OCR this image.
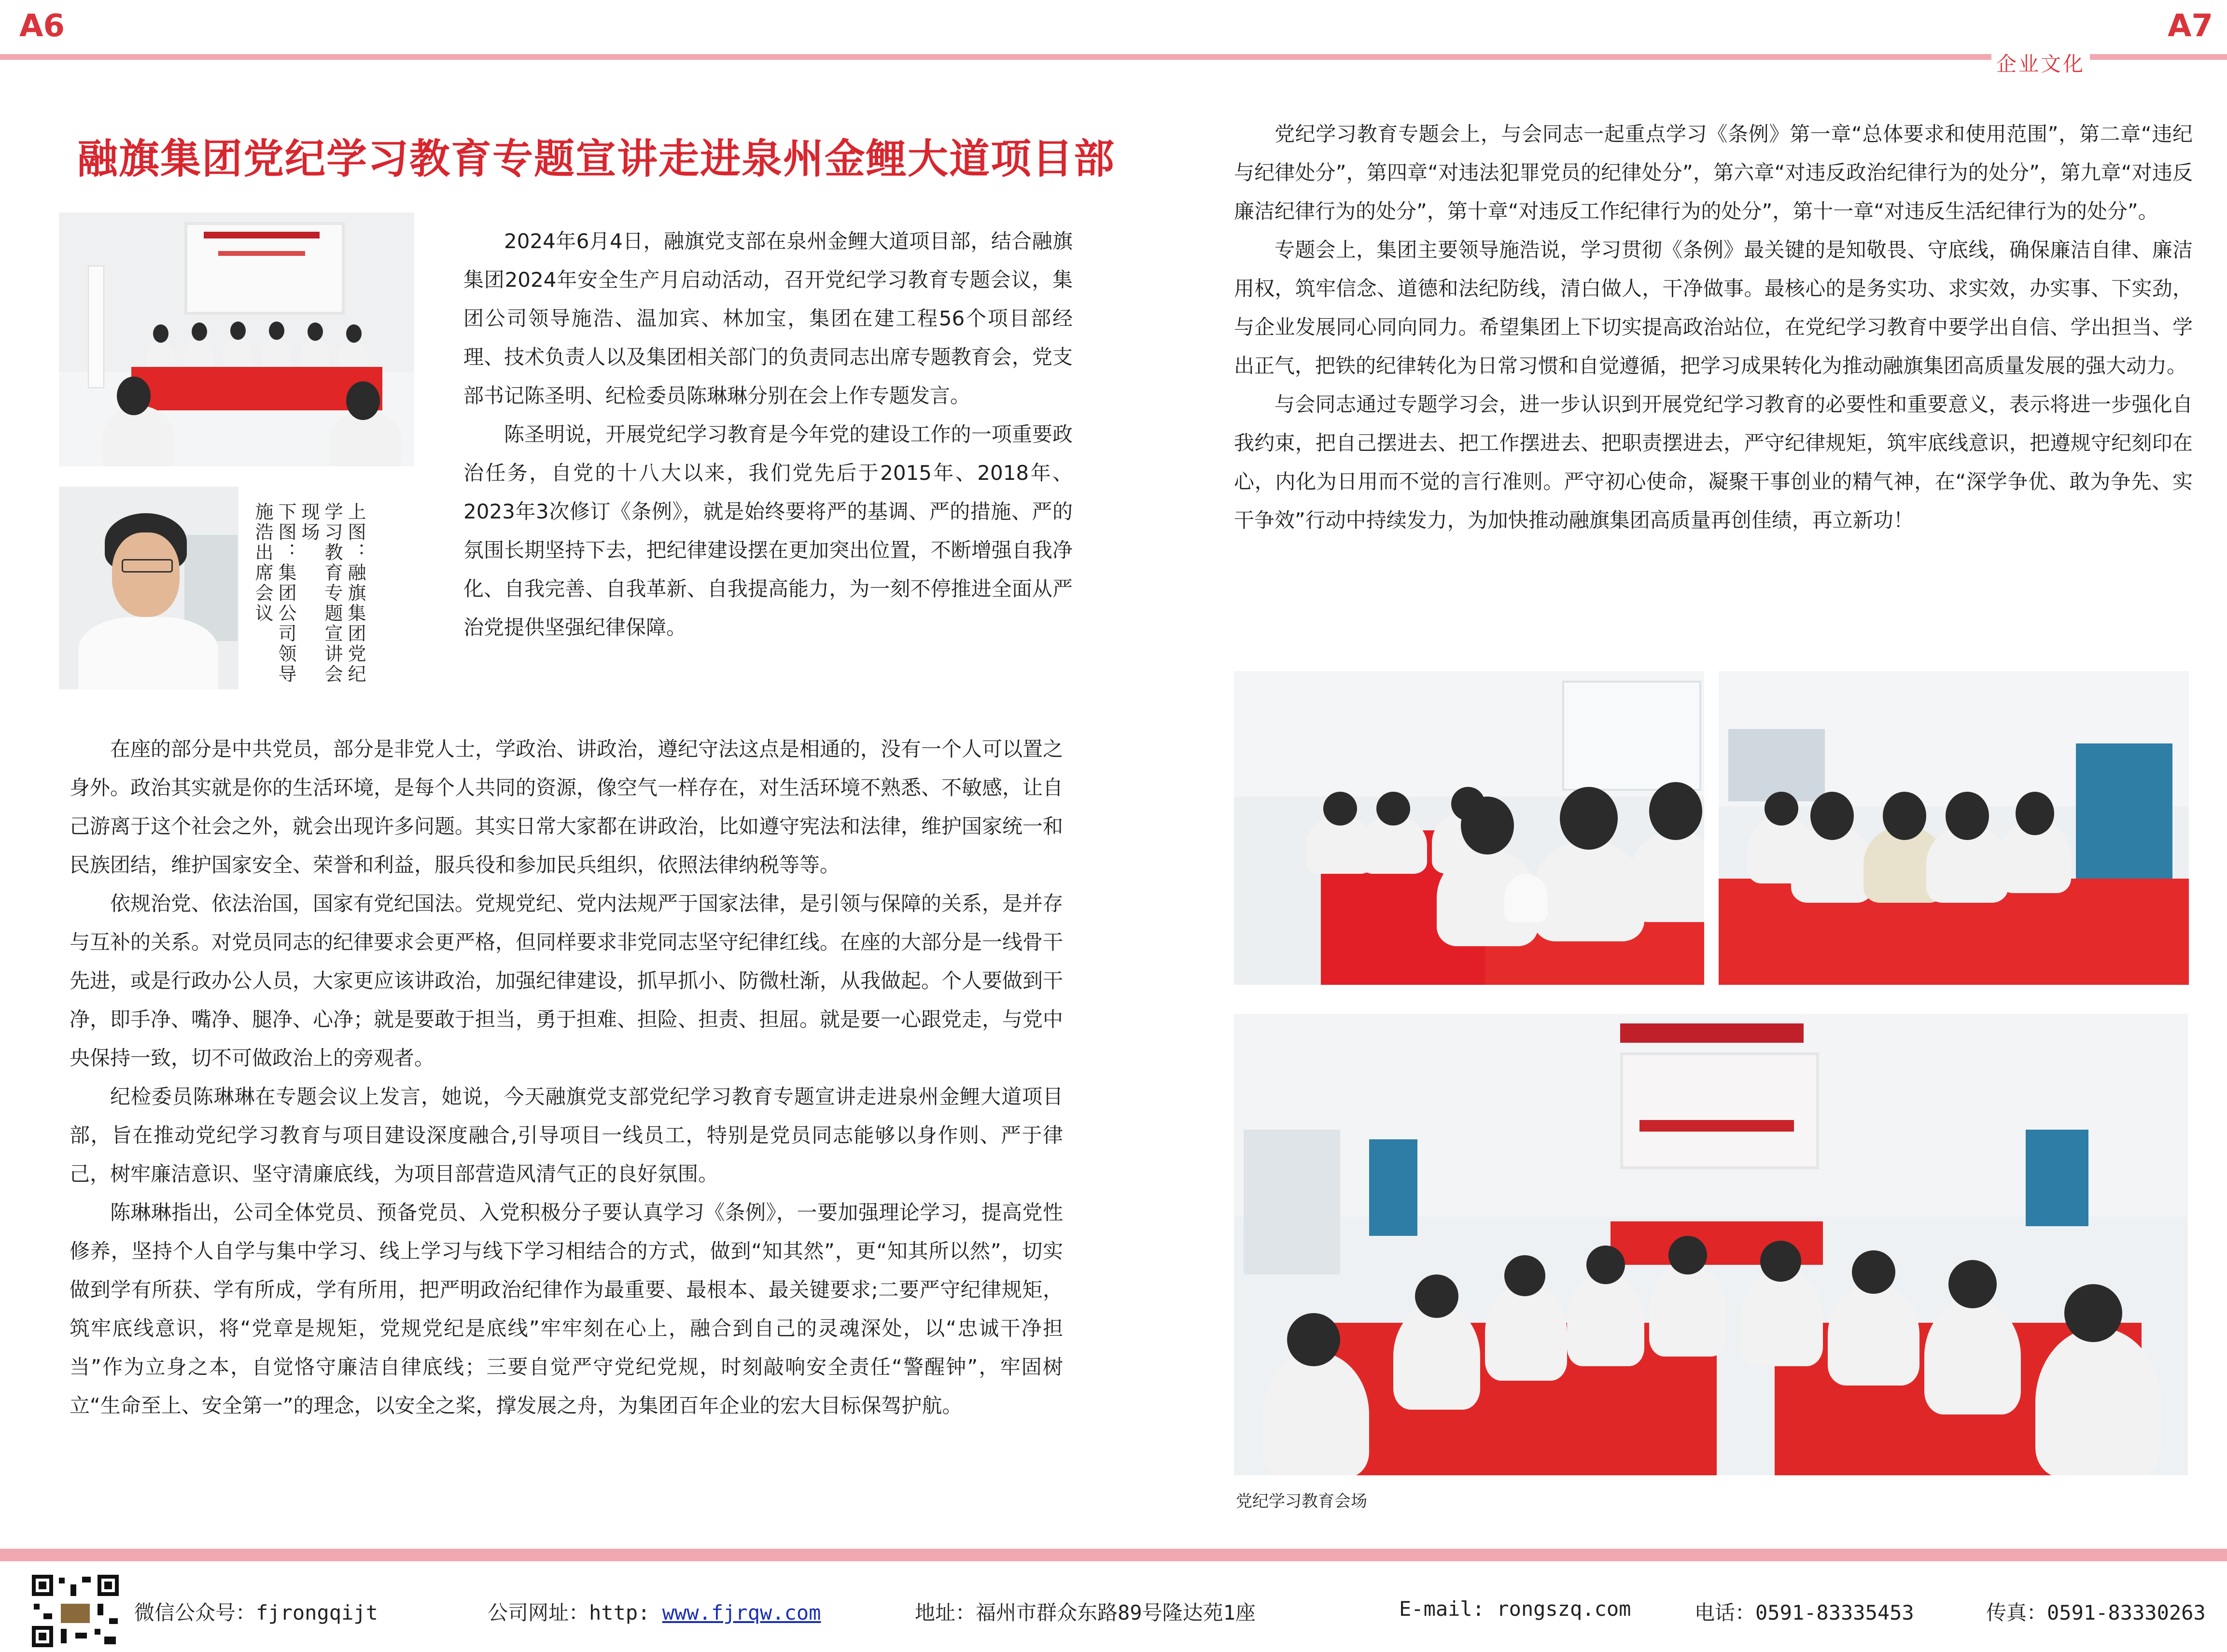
A6	A7
企业文化
融旗集团党纪学习教育专题宣讲走进泉州金鲤大道项目部
上图：融旗集团党纪学习教育专题宣讲会现场
下图：集团公司领导施浩出席会议

2024年6月4日，融旗党支部在泉州金鲤大道项目部，结合融旗集团2024年安全生产月启动活动，召开党纪学习教育专题会议，集团公司领导施浩、温加宾、林加宝，集团在建工程56个项目部经理、技术负责人以及集团相关部门的负责同志出席专题教育会，党支部书记陈圣明、纪检委员陈琳琳分别在会上作专题发言。

陈圣明说，开展党纪学习教育是今年党的建设工作的一项重要政治任务，自党的十八大以来，我们党先后于2015年、2018年、2023年3次修订《条例》，就是始终要将严的基调、严的措施、严的氛围长期坚持下去，把纪律建设摆在更加突出位置，不断增强自我净化、自我完善、自我革新、自我提高能力，为一刻不停推进全面从严治党提供坚强纪律保障。

在座的部分是中共党员，部分是非党人士，学政治、讲政治，遵纪守法这点是相通的，没有一个人可以置之身外。政治其实就是你的生活环境，是每个人共同的资源，像空气一样存在，对生活环境不熟悉、不敏感，让自己游离于这个社会之外，就会出现许多问题。其实日常大家都在讲政治，比如遵守宪法和法律，维护国家统一和民族团结，维护国家安全、荣誉和利益，服兵役和参加民兵组织，依照法律纳税等等。

依规治党、依法治国，国家有党纪国法。党规党纪、党内法规严于国家法律，是引领与保障的关系，是并存与互补的关系。对党员同志的纪律要求会更严格，但同样要求非党同志坚守纪律红线。在座的大部分是一线骨干先进，或是行政办公人员，大家更应该讲政治，加强纪律建设，抓早抓小、防微杜渐，从我做起。个人要做到干净，即手净、嘴净、腿净、心净；就是要敢于担当，勇于担难、担险、担责、担屈。就是要一心跟党走，与党中央保持一致，切不可做政治上的旁观者。

纪检委员陈琳琳在专题会议上发言，她说，今天融旗党支部党纪学习教育专题宣讲走进泉州金鲤大道项目部，旨在推动党纪学习教育与项目建设深度融合,引导项目一线员工，特别是党员同志能够以身作则、严于律己，树牢廉洁意识、坚守清廉底线，为项目部营造风清气正的良好氛围。

陈琳琳指出，公司全体党员、预备党员、入党积极分子要认真学习《条例》，一要加强理论学习，提高党性修养，坚持个人自学与集中学习、线上学习与线下学习相结合的方式，做到“知其然”，更“知其所以然”，切实做到学有所获、学有所成，学有所用，把严明政治纪律作为最重要、最根本、最关键要求;二要严守纪律规矩，筑牢底线意识，将“党章是规矩，党规党纪是底线”牢牢刻在心上，融合到自己的灵魂深处，以“忠诚干净担当”作为立身之本，自觉恪守廉洁自律底线；三要自觉严守党纪党规，时刻敲响安全责任“警醒钟”，牢固树立“生命至上、安全第一”的理念，以安全之桨，撑发展之舟，为集团百年企业的宏大目标保驾护航。

党纪学习教育专题会上，与会同志一起重点学习《条例》第一章“总体要求和使用范围”，第二章“违纪与纪律处分”，第四章“对违法犯罪党员的纪律处分”，第六章“对违反政治纪律行为的处分”，第九章“对违反廉洁纪律行为的处分”，第十章“对违反工作纪律行为的处分”，第十一章“对违反生活纪律行为的处分”。

专题会上，集团主要领导施浩说，学习贯彻《条例》最关键的是知敬畏、守底线，确保廉洁自律、廉洁用权，筑牢信念、道德和法纪防线，清白做人，干净做事。最核心的是务实功、求实效，办实事、下实劲，与企业发展同心同向同力。希望集团上下切实提高政治站位，在党纪学习教育中要学出自信、学出担当、学出正气，把铁的纪律转化为日常习惯和自觉遵循，把学习成果转化为推动融旗集团高质量发展的强大动力。

与会同志通过专题学习会，进一步认识到开展党纪学习教育的必要性和重要意义，表示将进一步强化自我约束，把自己摆进去、把工作摆进去、把职责摆进去，严守纪律规矩，筑牢底线意识，把遵规守纪刻印在心，内化为日用而不觉的言行准则。严守初心使命，凝聚干事创业的精气神，在“深学争优、敢为争先、实干争效”行动中持续发力，为加快推动融旗集团高质量再创佳绩，再立新功！

党纪学习教育会场
微信公众号：fjrongqijt	公司网址：http: www.fjrqw.com	地址：福州市群众东路89号隆达苑1座	E-mail: rongszq.com	电话：0591-83335453	传真：0591-83330263
